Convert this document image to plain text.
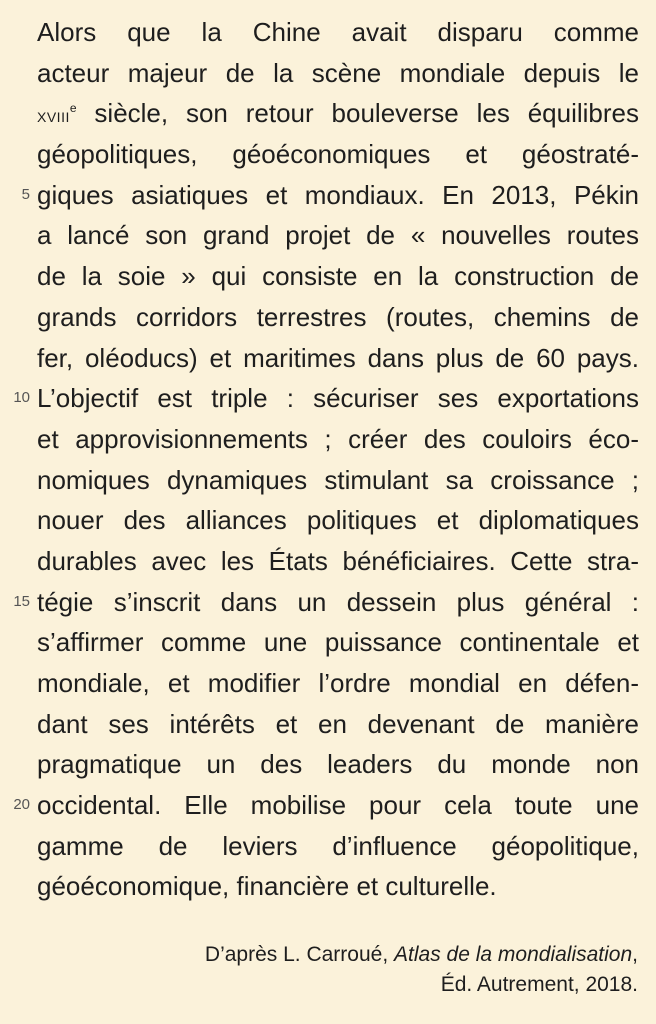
Alors que la Chine avait disparu comme
acteur majeur de la scène mondiale depuis le
XVIIIe siècle, son retour bouleverse les équilibres
géopolitiques, géoéconomiques et géostraté-
5 giques asiatiques et mondiaux. En 2013, Pékin
a lancé son grand projet de « nouvelles routes
de la soie » qui consiste en la construction de
grands corridors terrestres (routes, chemins de
fer, oléoducs) et maritimes dans plus de 60 pays.
10 L’objectif est triple : sécuriser ses exportations
et approvisionnements ; créer des couloirs éco-
nomiques dynamiques stimulant sa croissance ;
nouer des alliances politiques et diplomatiques
durables avec les États bénéficiaires. Cette stra-
15 tégie s’inscrit dans un dessein plus général :
s’affirmer comme une puissance continentale et
mondiale, et modifier l’ordre mondial en défen-
dant ses intérêts et en devenant de manière
pragmatique un des leaders du monde non
20 occidental. Elle mobilise pour cela toute une
gamme de leviers d’influence géopolitique,
géoéconomique, financière et culturelle.
D’après L. Carroué, Atlas de la mondialisation,
Éd. Autrement, 2018.
